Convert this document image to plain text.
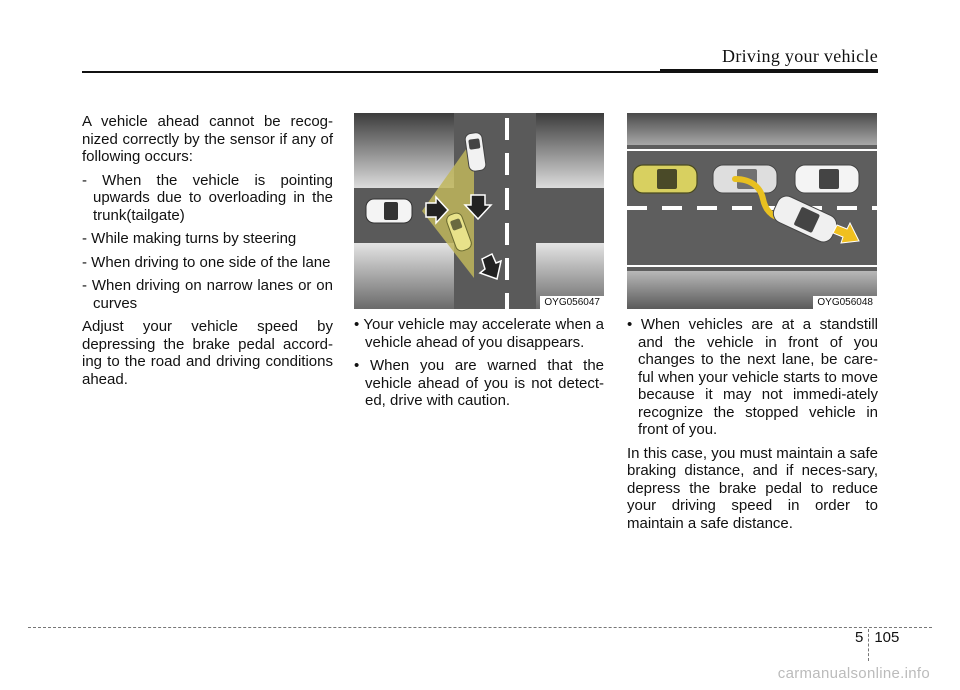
Driving your vehicle

A vehicle ahead cannot be recog-nized correctly by the sensor if any of following occurs:

- When the vehicle is pointing upwards due to overloading in the trunk(tailgate)
- While making turns by steering
- When driving to one side of the lane
- When driving on narrow lanes or on curves

Adjust your vehicle speed by depressing the brake pedal accord-ing to the road and driving conditions ahead.

OYG056047	OYG056048
• Your vehicle may accelerate when a vehicle ahead of you disappears.
• When you are warned that the vehicle ahead of you is not detect-ed, drive with caution.
• When vehicles are at a standstill and the vehicle in front of you changes to the next lane, be care-ful when your vehicle starts to move because it may not immedi-ately recognize the stopped vehicle in front of you.

In this case, you must maintain a safe braking distance, and if neces-sary, depress the brake pedal to reduce your driving speed in order to maintain a safe distance.

5 105
carmanualsonline.info
